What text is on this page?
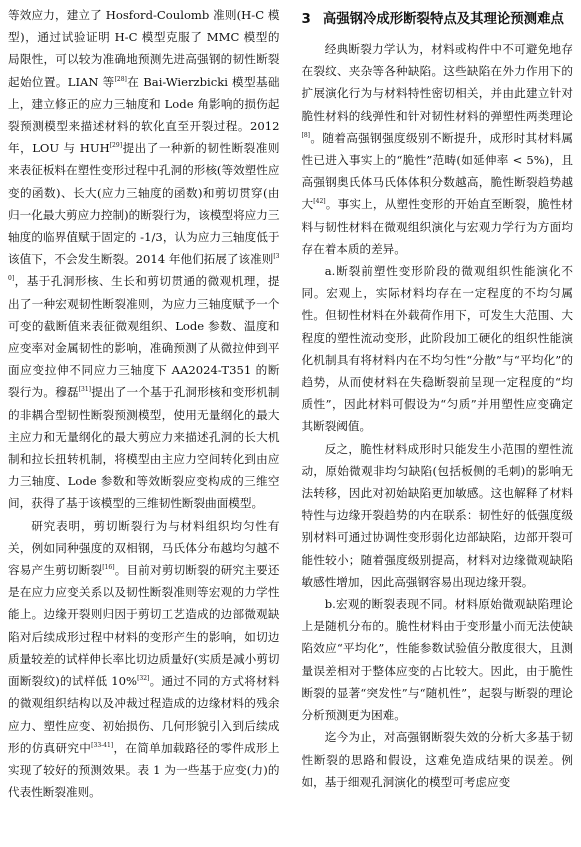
等效应力，建立了 Hosford-Coulomb 准则(H-C 模型)，通过试验证明 H-C 模型克服了 MMC 模型的局限性，可以较为准确地预测先进高强钢的韧性断裂起始位置。LIAN 等[28]在 Bai-Wierzbicki 模型基础上，建立修正的应力三轴度和 Lode 角影响的损伤起裂预测模型来描述材料的软化直至开裂过程。2012 年，LOU 与 HUH[29]提出了一种新的韧性断裂准则来表征板料在塑性变形过程中孔洞的形核(等效塑性应变的函数)、长大(应力三轴度的函数)和剪切贯穿(由归一化最大剪应力控制)的断裂行为，该模型将应力三轴度的临界值赋于固定的 -1/3，认为应力三轴度低于该值下，不会发生断裂。2014 年他们拓展了该准则[30]，基于孔洞形核、生长和剪切贯通的微观机理，提出了一种宏观韧性断裂准则，为应力三轴度赋予一个可变的截断值来表征微观组织、Lode 参数、温度和应变率对金属韧性的影响，准确预测了从微拉伸到平面应变拉伸不同应力三轴度下 AA2024-T351 的断裂行为。穆磊[31]提出了一个基于孔洞形核和变形机制的非耦合型韧性断裂预测模型，使用无量纲化的最大主应力和无量纲化的最大剪应力来描述孔洞的长大机制和拉长扭转机制，将模型由主应力空间转化到由应力三轴度、Lode 参数和等效断裂应变构成的三维空间，获得了基于该模型的三维韧性断裂曲面模型。

研究表明，剪切断裂行为与材料组织均匀性有关，例如同种强度的双相钢，马氏体分布越均匀越不容易产生剪切断裂[16]。目前对剪切断裂的研究主要还是在应力应变关系以及韧性断裂准则等宏观的力学性能上。边缘开裂则归因于剪切工艺造成的边部微观缺陷对后续成形过程中材料的变形产生的影响，如切边质量较差的试样伸长率比切边质量好(实质是减小剪切面断裂纹)的试样低 10%[32]。通过不同的方式将材料的微观组织结构以及冲裁过程造成的边缘材料的残余应力、塑性应变、初始损伤、几何形貌引入到后续成形的仿真研究中[33-41]，在简单加载路径的零件成形上实现了较好的预测效果。表 1 为一些基于应变(力)的代表性断裂准则。

3 高强钢冷成形断裂特点及其理论预测难点

经典断裂力学认为，材料或构件中不可避免地存在裂纹、夹杂等各种缺陷。这些缺陷在外力作用下的扩展演化行为与材料特性密切相关，并由此建立针对脆性材料的线弹性和针对韧性材料的弹塑性两类理论[8]。随着高强钢强度级别不断提升，成形时其材料属性已进入事实上的“脆性”范畴(如延伸率 < 5%)，且高强钢奥氏体马氏体体积分数越高，脆性断裂趋势越大[42]。事实上，从塑性变形的开始直至断裂，脆性材料与韧性材料在微观组织演化与宏观力学行为方面均存在着本质的差异。

a.断裂前塑性变形阶段的微观组织性能演化不同。宏观上，实际材料均存在一定程度的不均匀属性。但韧性材料在外载荷作用下，可发生大范围、大程度的塑性流动变形，此阶段加工硬化的组织性能演化机制具有将材料内在不均匀性“分散”与“平均化”的趋势，从而使材料在失稳断裂前呈现一定程度的“均质性”，因此材料可假设为“匀质”并用塑性应变确定其断裂阈值。

反之，脆性材料成形时只能发生小范围的塑性流动，原始微观非均匀缺陷(包括板侧的毛刺)的影响无法转移，因此对初始缺陷更加敏感。这也解释了材料特性与边缘开裂趋势的内在联系：韧性好的低强度级别材料可通过协调性变形弱化边部缺陷，边部开裂可能性较小；随着强度级别提高，材料对边缘微观缺陷敏感性增加，因此高强钢容易出现边缘开裂。

b.宏观的断裂表现不同。材料原始微观缺陷理论上是随机分布的。脆性材料由于变形量小而无法使缺陷效应“平均化”，性能参数试验值分散度很大，且测量误差相对于整体应变的占比较大。因此，由于脆性断裂的显著“突发性”与“随机性”，起裂与断裂的理论分析预测更为困难。

迄今为止，对高强钢断裂失效的分析大多基于韧性断裂的思路和假设，这难免造成结果的误差。例如，基于细观孔洞演化的模型可考虑应变
